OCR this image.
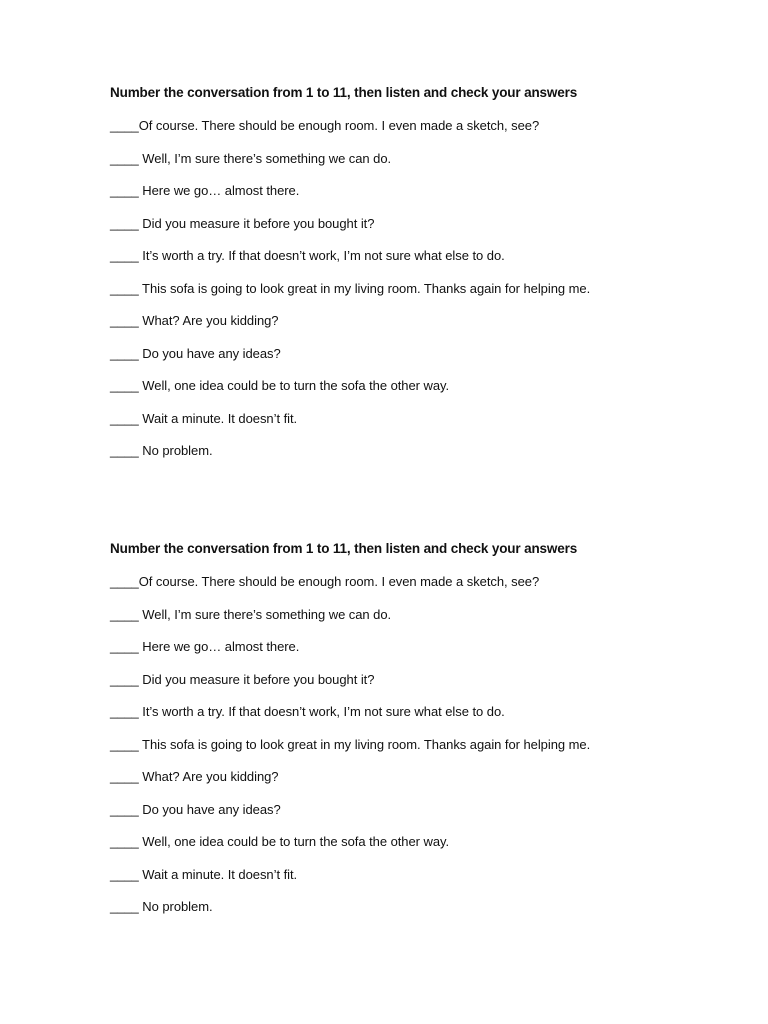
Number the conversation from 1 to 11, then listen and check your answers
____Of course. There should be enough room. I even made a sketch, see?
____ Well, I’m sure there’s something we can do.
____ Here we go… almost there.
____ Did you measure it before you bought it?
____ It’s worth a try. If that doesn’t work, I’m not sure what else to do.
____ This sofa is going to look great in my living room. Thanks again for helping me.
____ What? Are you kidding?
____ Do you have any ideas?
____ Well, one idea could be to turn the sofa the other way.
____ Wait a minute. It doesn’t fit.
____ No problem.
Number the conversation from 1 to 11, then listen and check your answers
____Of course. There should be enough room. I even made a sketch, see?
____ Well, I’m sure there’s something we can do.
____ Here we go… almost there.
____ Did you measure it before you bought it?
____ It’s worth a try. If that doesn’t work, I’m not sure what else to do.
____ This sofa is going to look great in my living room. Thanks again for helping me.
____ What? Are you kidding?
____ Do you have any ideas?
____ Well, one idea could be to turn the sofa the other way.
____ Wait a minute. It doesn’t fit.
____ No problem.
